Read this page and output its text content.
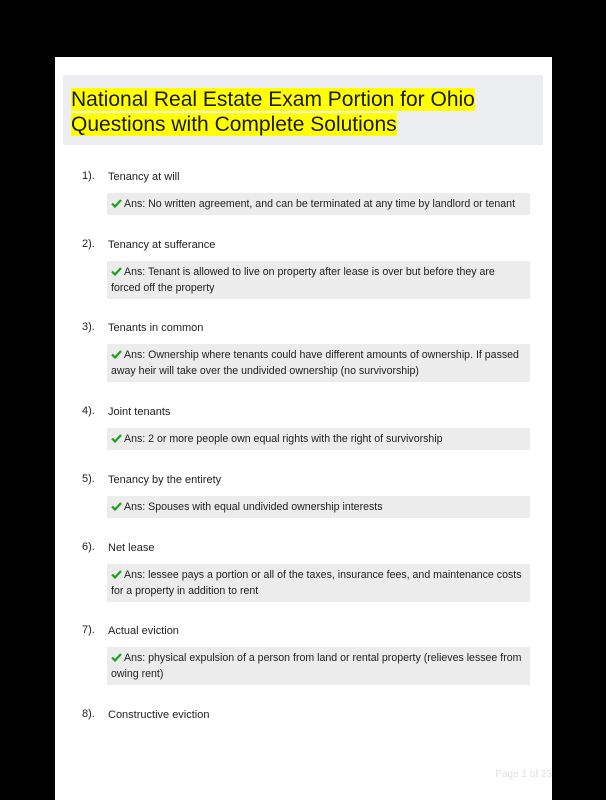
National Real Estate Exam Portion for Ohio
Questions with Complete Solutions
1). Tenancy at will
Ans: No written agreement, and can be terminated at any time by landlord or tenant
2). Tenancy at sufferance
Ans: Tenant is allowed to live on property after lease is over but before they are forced off the property
3). Tenants in common
Ans: Ownership where tenants could have different amounts of ownership. If passed away heir will take over the undivided ownership (no survivorship)
4). Joint tenants
Ans: 2 or more people own equal rights with the right of survivorship
5). Tenancy by the entirety
Ans: Spouses with equal undivided ownership interests
6). Net lease
Ans: lessee pays a portion or all of the taxes, insurance fees, and maintenance costs for a property in addition to rent
7). Actual eviction
Ans: physical expulsion of a person from land or rental property (relieves lessee from owing rent)
8). Constructive eviction
Page 1 of 23
